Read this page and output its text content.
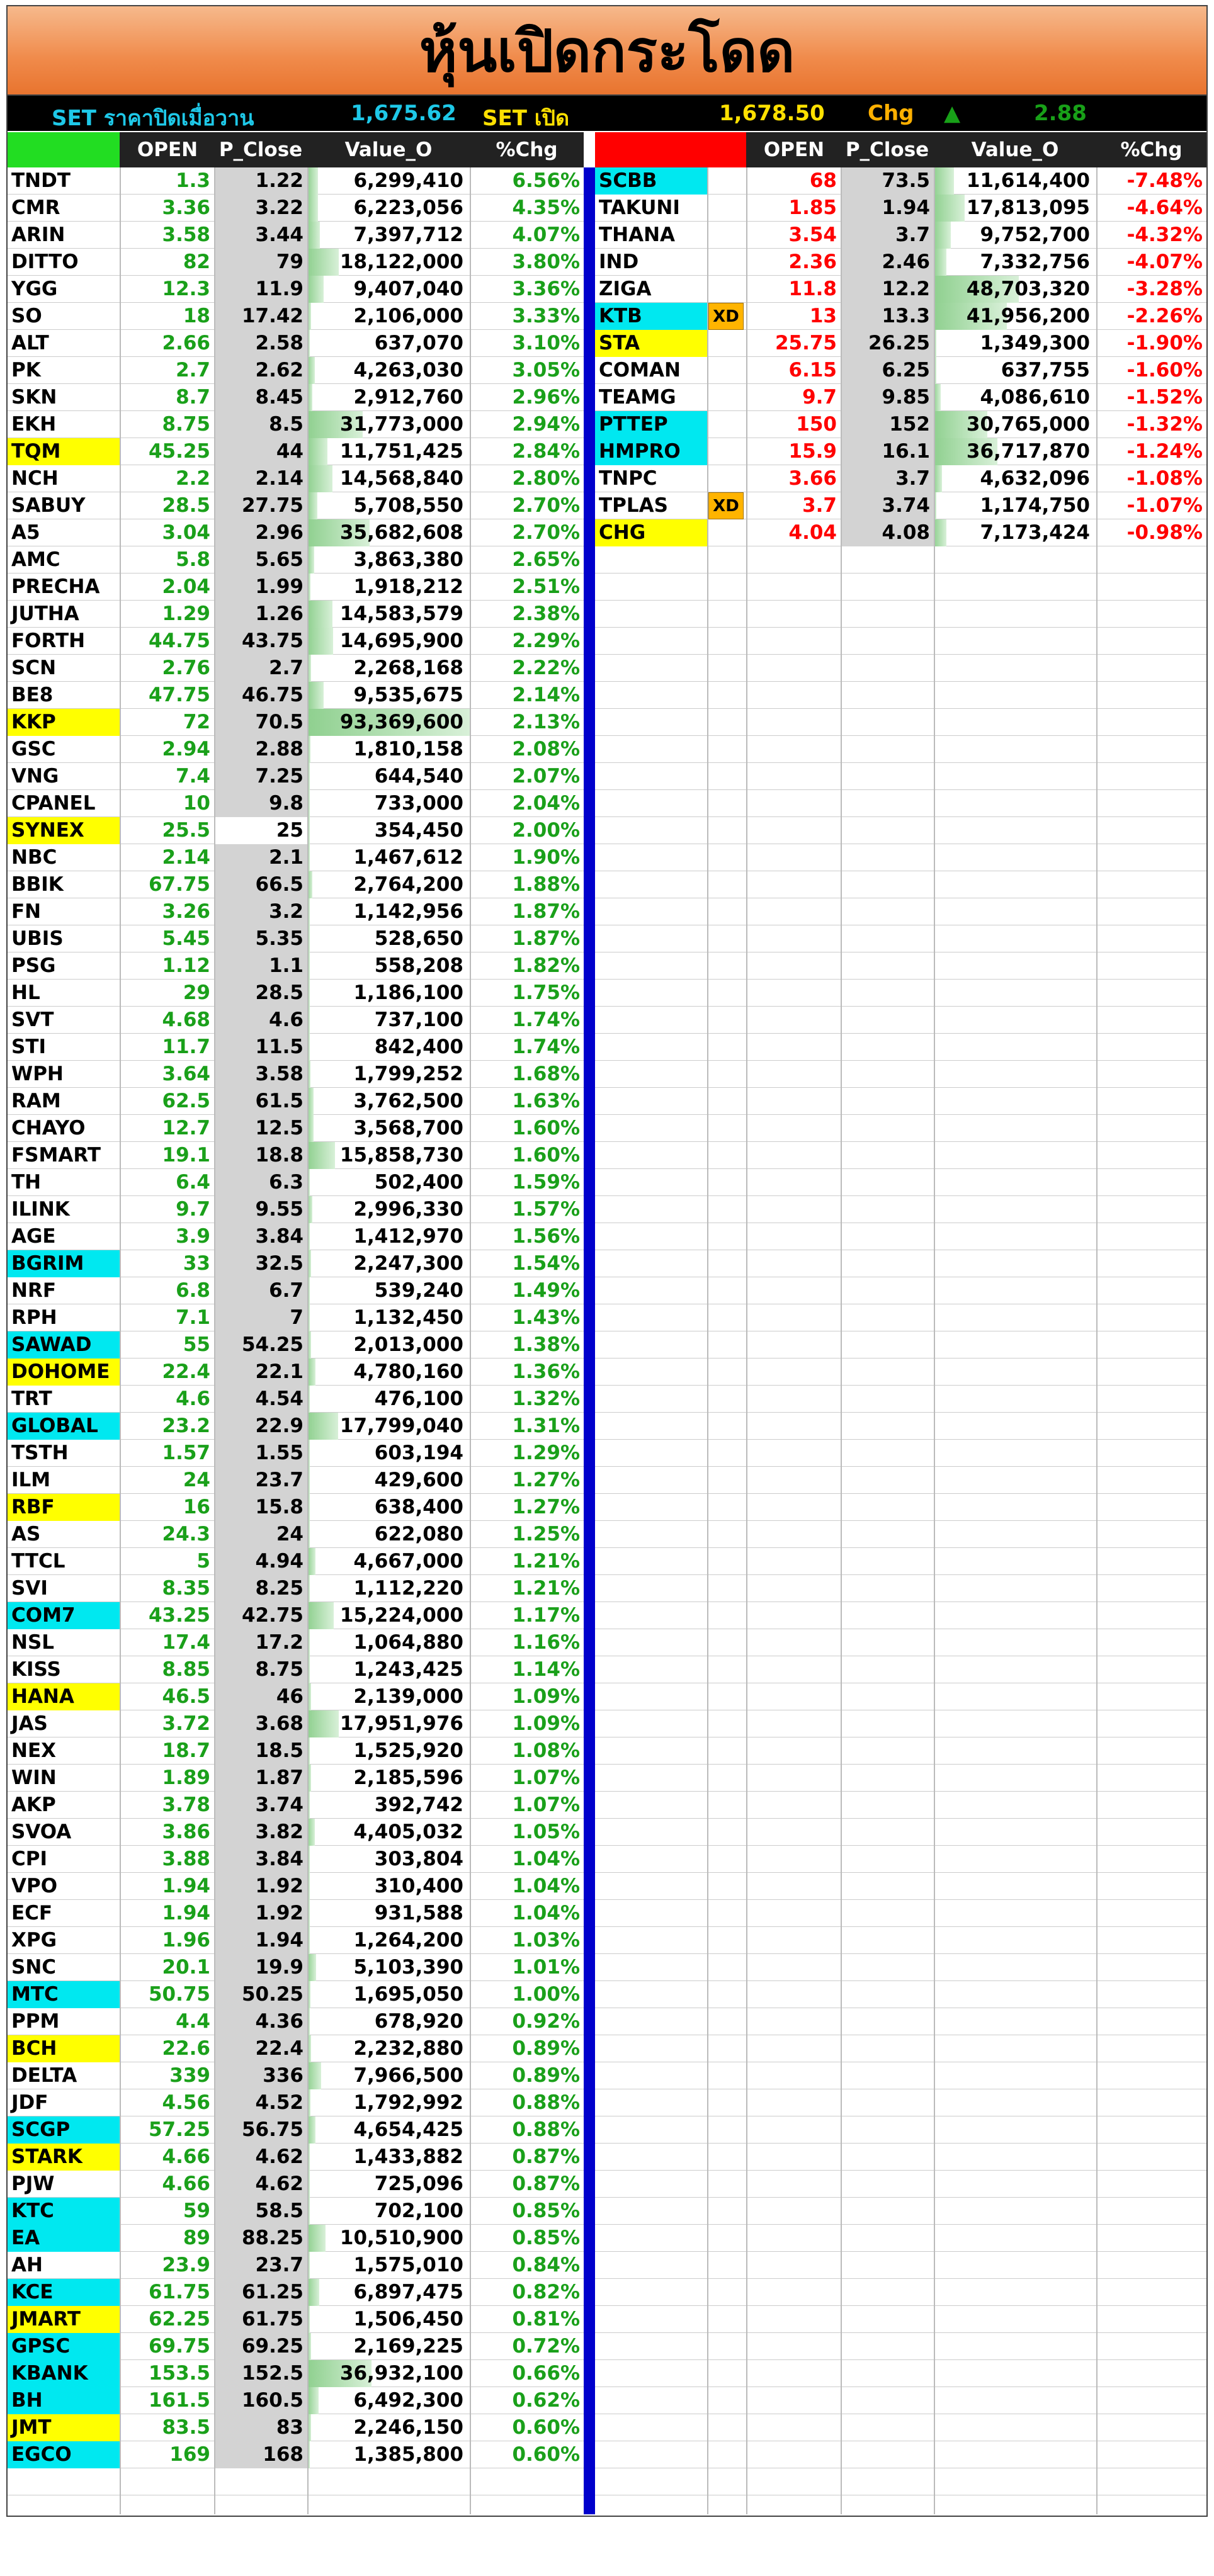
หุ้นเปิดกระโดด
SET ราคาปิดเมื่อวาน	1,675.62 SET เปิด	1,678.50 Chg ▲	2.88
OPEN	P_Close	Value_O	%Chg
TNDT	1.3	1.22	6,299,410	6.56%
CMR	3.36	3.22	6,223,056	4.35%
ARIN	3.58	3.44	7,397,712	4.07%
DITTO	82	79	18,122,000	3.80%
YGG	12.3	11.9	9,407,040	3.36%
SO	18	17.42	2,106,000	3.33%
ALT	2.66	2.58	637,070	3.10%
PK	2.7	2.62	4,263,030	3.05%
SKN	8.7	8.45	2,912,760	2.96%
EKH	8.75	8.5	31,773,000	2.94%
TQM	45.25	44	11,751,425	2.84%
NCH	2.2	2.14	14,568,840	2.80%
SABUY	28.5	27.75	5,708,550	2.70%
A5	3.04	2.96	35,682,608	2.70%
AMC	5.8	5.65	3,863,380	2.65%
PRECHA	2.04	1.99	1,918,212	2.51%
JUTHA	1.29	1.26	14,583,579	2.38%
FORTH	44.75	43.75	14,695,900	2.29%
SCN	2.76	2.7	2,268,168	2.22%
BE8	47.75	46.75	9,535,675	2.14%
KKP	72	70.5	93,369,600	2.13%
GSC	2.94	2.88	1,810,158	2.08%
VNG	7.4	7.25	644,540	2.07%
CPANEL	10	9.8	733,000	2.04%
SYNEX	25.5	25	354,450	2.00%
NBC	2.14	2.1	1,467,612	1.90%
BBIK	67.75	66.5	2,764,200	1.88%
FN	3.26	3.2	1,142,956	1.87%
UBIS	5.45	5.35	528,650	1.87%
PSG	1.12	1.1	558,208	1.82%
HL	29	28.5	1,186,100	1.75%
SVT	4.68	4.6	737,100	1.74%
STI	11.7	11.5	842,400	1.74%
WPH	3.64	3.58	1,799,252	1.68%
RAM	62.5	61.5	3,762,500	1.63%
CHAYO	12.7	12.5	3,568,700	1.60%
FSMART	19.1	18.8	15,858,730	1.60%
TH	6.4	6.3	502,400	1.59%
ILINK	9.7	9.55	2,996,330	1.57%
AGE	3.9	3.84	1,412,970	1.56%
BGRIM	33	32.5	2,247,300	1.54%
NRF	6.8	6.7	539,240	1.49%
RPH	7.1	7	1,132,450	1.43%
SAWAD	55	54.25	2,013,000	1.38%
DOHOME	22.4	22.1	4,780,160	1.36%
TRT	4.6	4.54	476,100	1.32%
GLOBAL	23.2	22.9	17,799,040	1.31%
TSTH	1.57	1.55	603,194	1.29%
ILM	24	23.7	429,600	1.27%
RBF	16	15.8	638,400	1.27%
AS	24.3	24	622,080	1.25%
TTCL	5	4.94	4,667,000	1.21%
SVI	8.35	8.25	1,112,220	1.21%
COM7	43.25	42.75	15,224,000	1.17%
NSL	17.4	17.2	1,064,880	1.16%
KISS	8.85	8.75	1,243,425	1.14%
HANA	46.5	46	2,139,000	1.09%
JAS	3.72	3.68	17,951,976	1.09%
NEX	18.7	18.5	1,525,920	1.08%
WIN	1.89	1.87	2,185,596	1.07%
AKP	3.78	3.74	392,742	1.07%
SVOA	3.86	3.82	4,405,032	1.05%
CPI	3.88	3.84	303,804	1.04%
VPO	1.94	1.92	310,400	1.04%
ECF	1.94	1.92	931,588	1.04%
XPG	1.96	1.94	1,264,200	1.03%
SNC	20.1	19.9	5,103,390	1.01%
MTC	50.75	50.25	1,695,050	1.00%
PPM	4.4	4.36	678,920	0.92%
BCH	22.6	22.4	2,232,880	0.89%
DELTA	339	336	7,966,500	0.89%
JDF	4.56	4.52	1,792,992	0.88%
SCGP	57.25	56.75	4,654,425	0.88%
STARK	4.66	4.62	1,433,882	0.87%
PJW	4.66	4.62	725,096	0.87%
KTC	59	58.5	702,100	0.85%
EA	89	88.25	10,510,900	0.85%
AH	23.9	23.7	1,575,010	0.84%
KCE	61.75	61.25	6,897,475	0.82%
JMART	62.25	61.75	1,506,450	0.81%
GPSC	69.75	69.25	2,169,225	0.72%
KBANK	153.5	152.5	36,932,100	0.66%
BH	161.5	160.5	6,492,300	0.62%
JMT	83.5	83	2,246,150	0.60%
EGCO	169	168	1,385,800	0.60%
OPEN	P_Close	Value_O	%Chg
SCBB	68	73.5	11,614,400	-7.48%
TAKUNI	1.85	1.94	17,813,095	-4.64%
THANA	3.54	3.7	9,752,700	-4.32%
IND	2.36	2.46	7,332,756	-4.07%
ZIGA	11.8	12.2	48,703,320	-3.28%
KTB	XD	13	13.3	41,956,200	-2.26%
STA	25.75	26.25	1,349,300	-1.90%
COMAN	6.15	6.25	637,755	-1.60%
TEAMG	9.7	9.85	4,086,610	-1.52%
PTTEP	150	152	30,765,000	-1.32%
HMPRO	15.9	16.1	36,717,870	-1.24%
TNPC	3.66	3.7	4,632,096	-1.08%
TPLAS	XD	3.7	3.74	1,174,750	-1.07%
CHG	4.04	4.08	7,173,424	-0.98%
